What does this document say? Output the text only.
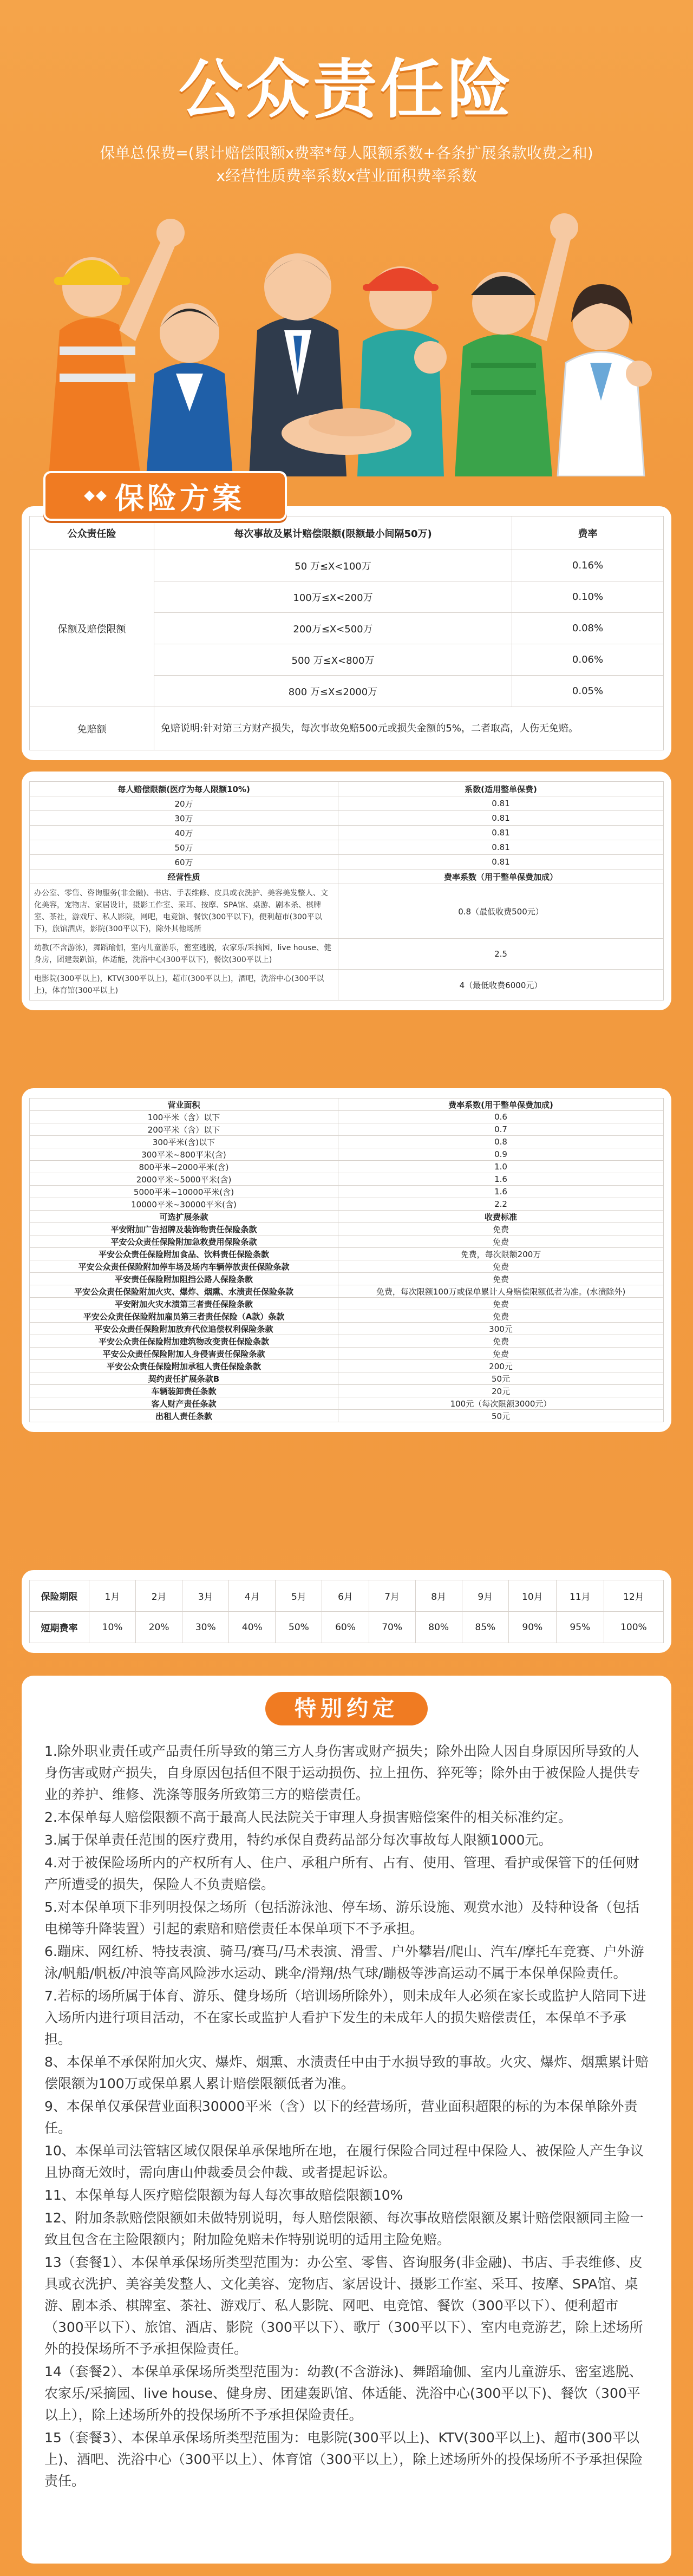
公众责任险
保单总保费=(累计赔偿限额x费率*每人限额系数+各条扩展条款收费之和)
x经营性质费率系数x营业面积费率系数
保险方案
公众责任险	每次事故及累计赔偿限额(限额最小间隔50万)	费率
保额及赔偿限额	50 万≤X<100万	0.16%
	100万≤X<200万	0.10%
	200万≤X<500万	0.08%
	500 万≤X<800万	0.06%
	800 万≤X≤2000万	0.05%
免赔额	免赔说明:针对第三方财产损失，每次事故免赔500元或损失金额的5%，二者取高，人伤无免赔。	
每人赔偿限额(医疗为每人限额10%)	系数(适用整单保费)
20万	0.81
30万	0.81
40万	0.81
50万	0.81
60万	0.81
经营性质	费率系数（用于整单保费加成）
办公室、零售、咨询服务(非金融)、书店、手表维修、皮具或衣洗护、美容美发整人、文化美容，宠物店、家居设计，摄影工作室、采耳、按摩、SPA馆、桌游、剧本杀、棋牌室、茶社，游戏厅、私人影院，网吧，电竞馆、餐饮(300平以下)，便利超市(300平以下)，旅馆酒店，影院(300平以下)，除外其他场所	0.8（最低收费500元）
幼教(不含游泳)，舞蹈瑜伽，室内儿童游乐，密室逃脱，农家乐/采摘园，live house、健身房，团建轰趴馆，体适能，洗浴中心(300平以下)，餐饮(300平以上)	2.5
电影院(300平以上)，KTV(300平以上)，超市(300平以上)，酒吧，洗浴中心(300平以上)，体育馆(300平以上)	4（最低收费6000元）
营业面积	费率系数(用于整单保费加成)
100平米（含）以下	0.6
200平米（含）以下	0.7
300平米(含)以下	0.8
300平米~800平米(含)	0.9
800平米~2000平米(含)	1.0
2000平米~5000平米(含)	1.6
5000平米~10000平米(含)	1.6
10000平米~30000平米(含)	2.2
可选扩展条款	收费标准
平安附加广告招牌及装饰物责任保险条款	免费
平安公众责任保险附加急救费用保险条款	免费
平安公众责任保险附加食品、饮料责任保险条款	免费，每次限额200万
平安公众责任保险附加停车场及场内车辆停放责任保险条款	免费
平安责任保险附加阻挡公路人保险条款	免费
平安公众责任保险附加火灾、爆炸、烟熏、水渍责任保险条款	免费，每次限额100万或保单累计人身赔偿限额低者为准。(水渍除外)
平安附加火灾水渍第三者责任保险条款	免费
平安公众责任保险附加雇员第三者责任保险（A款）条款	免费
平安公众责任保险附加放弃代位追偿权利保险条款	300元
平安公众责任保险附加建筑物改变责任保险条款	免费
平安公众责任保险附加人身侵害责任保险条款	免费
平安公众责任保险附加承租人责任保险条款	200元
契约责任扩展条款B	50元
车辆装卸责任条款	20元
客人财产责任条款	100元（每次限额3000元）
出租人责任条款	50元
保险期限	1月	2月	3月	4月	5月	6月	7月	8月	9月	10月	11月	12月
短期费率	10%	20%	30%	40%	50%	60%	70%	80%	85%	90%	95%	100%
特别约定
1.除外职业责任或产品责任所导致的第三方人身伤害或财产损失；除外出险人因自身原因所导致的人身伤害或财产损失，自身原因包括但不限于运动损伤、拉上扭伤、猝死等；除外由于被保险人提供专业的养护、维修、洗涤等服务所致第三方的赔偿责任。
2.本保单每人赔偿限额不高于最高人民法院关于审理人身损害赔偿案件的相关标准约定。
3.属于保单责任范围的医疗费用，特约承保自费药品部分每次事故每人限额1000元。
4.对于被保险场所内的产权所有人、住户、承租户所有、占有、使用、管理、看护或保管下的任何财产所遭受的损失，保险人不负责赔偿。
5.对本保单项下非列明投保之场所（包括游泳池、停车场、游乐设施、观赏水池）及特种设备（包括电梯等升降装置）引起的索赔和赔偿责任本保单项下不予承担。
6.蹦床、网红桥、特技表演、骑马/赛马/马术表演、滑雪、户外攀岩/爬山、汽车/摩托车竞赛、户外游泳/帆船/帆板/冲浪等高风险涉水运动、跳伞/滑翔/热气球/蹦极等涉高运动不属于本保单保险责任。
7.若标的场所属于体育、游乐、健身场所（培训场所除外），则未成年人必须在家长或监护人陪同下进入场所内进行项目活动，不在家长或监护人看护下发生的未成年人的损失赔偿责任，本保单不予承担。
8、本保单不承保附加火灾、爆炸、烟熏、水渍责任中由于水损导致的事故。火灾、爆炸、烟熏累计赔偿限额为100万或保单累人累计赔偿限额低者为准。
9、本保单仅承保营业面积30000平米（含）以下的经营场所，营业面积超限的标的为本保单除外责任。
10、本保单司法管辖区域仅限保单承保地所在地，在履行保险合同过程中保险人、被保险人产生争议且协商无效时，需向唐山仲裁委员会仲裁、或者提起诉讼。
11、本保单每人医疗赔偿限额为每人每次事故赔偿限额10%
12、附加条款赔偿限额如未做特别说明，每人赔偿限额、每次事故赔偿限额及累计赔偿限额同主险一致且包含在主险限额内；附加险免赔未作特别说明的适用主险免赔。
13（套餐1）、本保单承保场所类型范围为：办公室、零售、咨询服务(非金融)、书店、手表维修、皮具或衣洗护、美容美发整人、文化美容、宠物店、家居设计、摄影工作室、采耳、按摩、SPA馆、桌游、剧本杀、棋牌室、茶社、游戏厅、私人影院、网吧、电竞馆、餐饮（300平以下）、便利超市（300平以下）、旅馆、酒店、影院（300平以下）、歌厅（300平以下）、室内电竞游艺，除上述场所外的投保场所不予承担保险责任。
14（套餐2）、本保单承保场所类型范围为：幼教(不含游泳)、舞蹈瑜伽、室内儿童游乐、密室逃脱、农家乐/采摘园、live house、健身房、团建轰趴馆、体适能、洗浴中心(300平以下)、餐饮（300平以上），除上述场所外的投保场所不予承担保险责任。
15（套餐3）、本保单承保场所类型范围为：电影院(300平以上)、KTV(300平以上)、超市(300平以上)、酒吧、洗浴中心（300平以上）、体育馆（300平以上），除上述场所外的投保场所不予承担保险责任。
